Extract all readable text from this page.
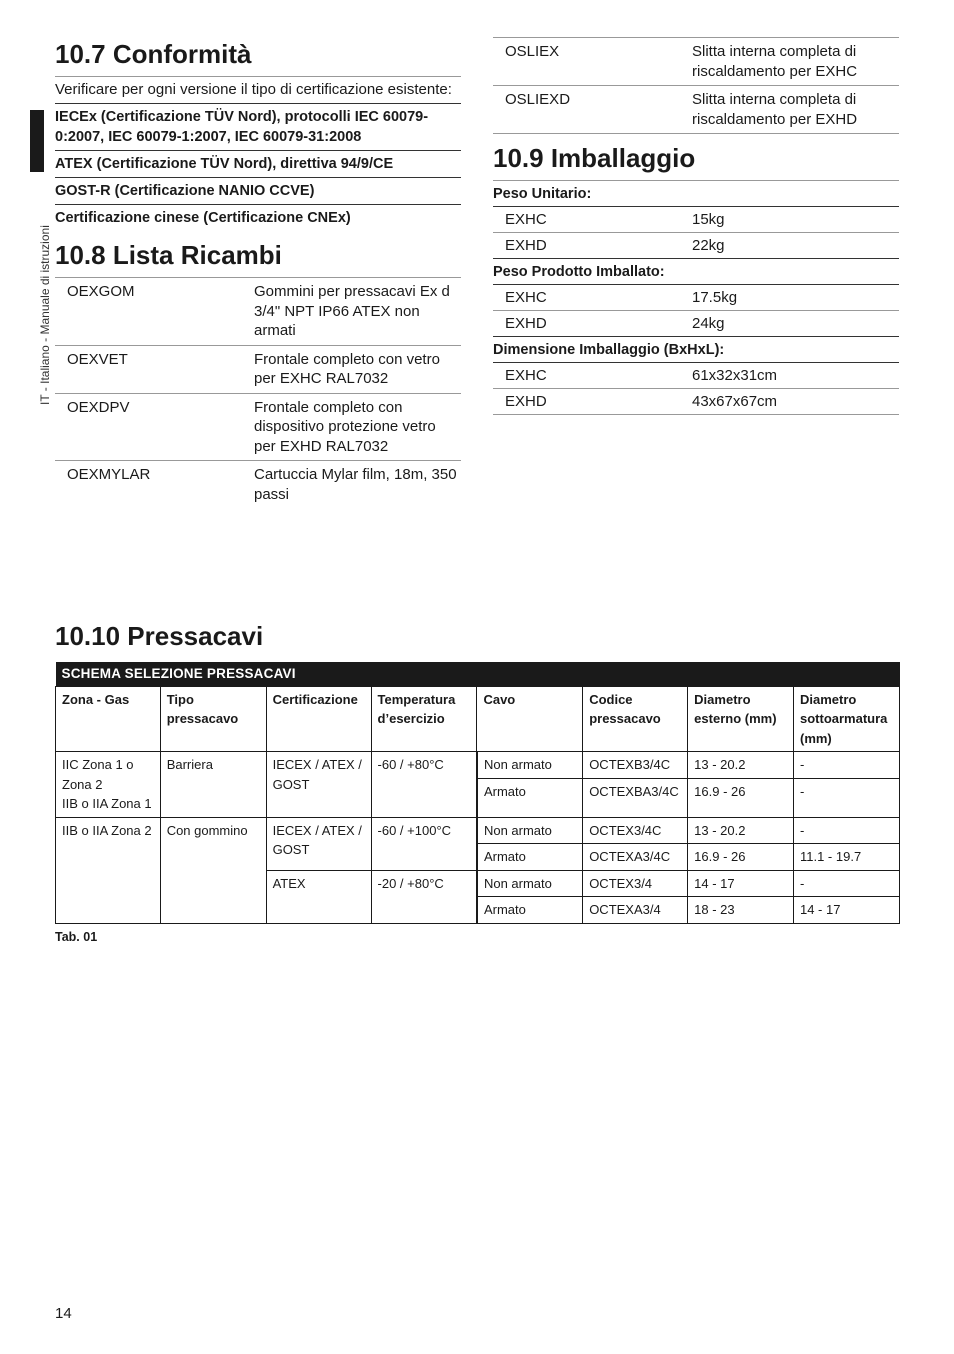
IT - Italiano - Manuale di istruzioni
10.7 Conformità
Verificare per ogni versione il tipo di certificazione esistente:
IECEx (Certificazione TÜV Nord), protocolli IEC 60079-0:2007, IEC 60079-1:2007, IEC 60079-31:2008
ATEX (Certificazione TÜV Nord), direttiva 94/9/CE
GOST-R (Certificazione NANIO CCVE)
Certificazione cinese (Certificazione CNEx)
10.8 Lista Ricambi
OEXGOM	Gommini per pressacavi Ex d 3/4" NPT IP66 ATEX non armati
OEXVET	Frontale completo con vetro per EXHC RAL7032
OEXDPV	Frontale completo con dispositivo protezione vetro per EXHD RAL7032
OEXMYLAR	Cartuccia Mylar film, 18m, 350 passi
OSLIEX	Slitta interna completa di riscaldamento per EXHC
OSLIEXD	Slitta interna completa di riscaldamento per EXHD
10.9 Imballaggio
Peso Unitario:
EXHC	15kg
EXHD	22kg
Peso Prodotto Imballato:
EXHC	17.5kg
EXHD	24kg
Dimensione Imballaggio (BxHxL):
EXHC	61x32x31cm
EXHD	43x67x67cm
10.10 Pressacavi
SCHEMA SELEZIONE PRESSACAVI							
Zona - Gas	Tipo pressacavo	Certificazione	Temperatura d’esercizio	Cavo	Codice pressacavo	Diametro esterno (mm)	Diametro sottoarmatura (mm)
IIC Zona 1 o Zona 2
IIB o IIA Zona 1	Barriera	IECEX / ATEX / GOST	-60 / +80°C	Non armato	OCTEXB3/4C	13 - 20.2	-
				Armato	OCTEXBA3/4C	16.9 - 26	-
IIB o IIA Zona 2	Con gommino	IECEX / ATEX / GOST	-60 / +100°C	Non armato	OCTEX3/4C	13 - 20.2	-
				Armato	OCTEXA3/4C	16.9 - 26	11.1 - 19.7
		ATEX	-20 / +80°C	Non armato	OCTEX3/4	14 - 17	-
				Armato	OCTEXA3/4	18 - 23	14 - 17
Tab. 01
14
